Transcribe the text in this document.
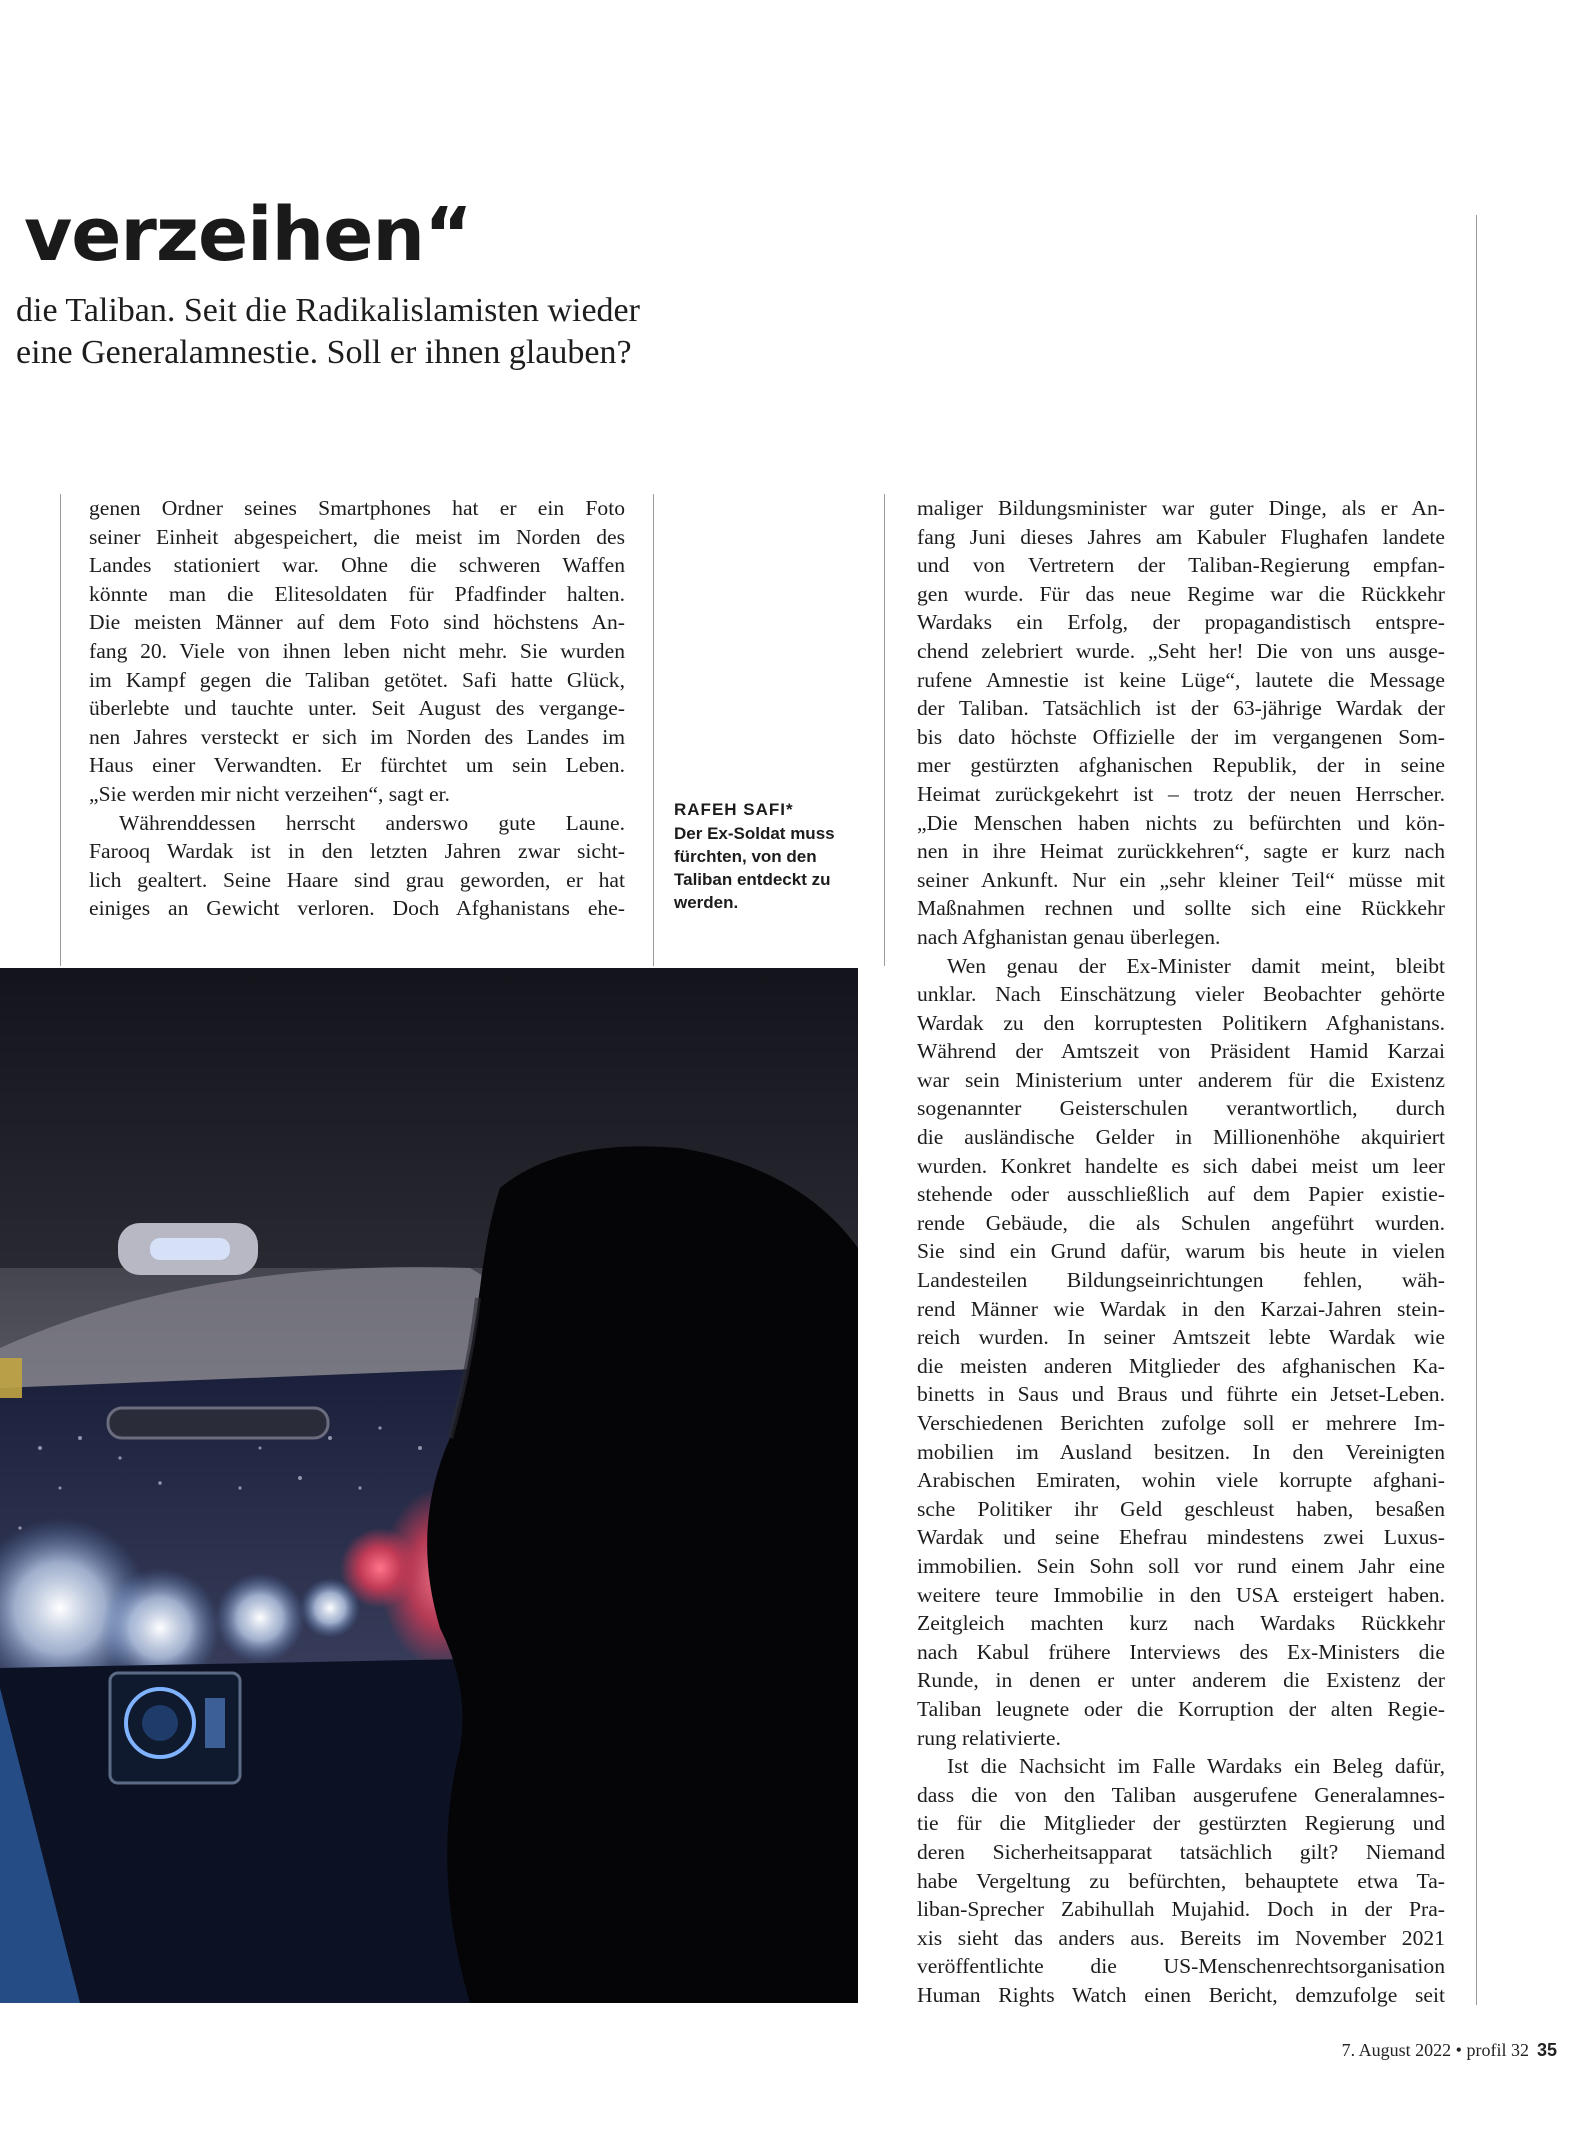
verzeihen“
die Taliban. Seit die Radikalislamisten wieder
eine Generalamnestie. Soll er ihnen glauben?
genen Ordner seines Smartphones hat er ein Foto
seiner Einheit abgespeichert, die meist im Norden des
Landes stationiert war. Ohne die schweren Waffen
könnte man die Elitesoldaten für Pfadfinder halten.
Die meisten Männer auf dem Foto sind höchstens An-
fang 20. Viele von ihnen leben nicht mehr. Sie wurden
im Kampf gegen die Taliban getötet. Safi hatte Glück,
überlebte und tauchte unter. Seit August des vergange-
nen Jahres versteckt er sich im Norden des Landes im
Haus einer Verwandten. Er fürchtet um sein Leben.
„Sie werden mir nicht verzeihen“, sagt er.
Währenddessen herrscht anderswo gute Laune.
Farooq Wardak ist in den letzten Jahren zwar sicht-
lich gealtert. Seine Haare sind grau geworden, er hat
einiges an Gewicht verloren. Doch Afghanistans ehe-
RAFEH SAFI*
Der Ex-Soldat muss fürchten, von den Taliban entdeckt zu werden.
maliger Bildungsminister war guter Dinge, als er An-
fang Juni dieses Jahres am Kabuler Flughafen landete
und von Vertretern der Taliban-Regierung empfan-
gen wurde. Für das neue Regime war die Rückkehr
Wardaks ein Erfolg, der propagandistisch entspre-
chend zelebriert wurde. „Seht her! Die von uns ausge-
rufene Amnestie ist keine Lüge“, lautete die Message
der Taliban. Tatsächlich ist der 63-jährige Wardak der
bis dato höchste Offizielle der im vergangenen Som-
mer gestürzten afghanischen Republik, der in seine
Heimat zurückgekehrt ist – trotz der neuen Herrscher.
„Die Menschen haben nichts zu befürchten und kön-
nen in ihre Heimat zurückkehren“, sagte er kurz nach
seiner Ankunft. Nur ein „sehr kleiner Teil“ müsse mit
Maßnahmen rechnen und sollte sich eine Rückkehr
nach Afghanistan genau überlegen.
Wen genau der Ex-Minister damit meint, bleibt
unklar. Nach Einschätzung vieler Beobachter gehörte
Wardak zu den korruptesten Politikern Afghanistans.
Während der Amtszeit von Präsident Hamid Karzai
war sein Ministerium unter anderem für die Existenz
sogenannter Geisterschulen verantwortlich, durch
die ausländische Gelder in Millionenhöhe akquiriert
wurden. Konkret handelte es sich dabei meist um leer
stehende oder ausschließlich auf dem Papier existie-
rende Gebäude, die als Schulen angeführt wurden.
Sie sind ein Grund dafür, warum bis heute in vielen
Landesteilen Bildungseinrichtungen fehlen, wäh-
rend Männer wie Wardak in den Karzai-Jahren stein-
reich wurden. In seiner Amtszeit lebte Wardak wie
die meisten anderen Mitglieder des afghanischen Ka-
binetts in Saus und Braus und führte ein Jetset-Leben.
Verschiedenen Berichten zufolge soll er mehrere Im-
mobilien im Ausland besitzen. In den Vereinigten
Arabischen Emiraten, wohin viele korrupte afghani-
sche Politiker ihr Geld geschleust haben, besaßen
Wardak und seine Ehefrau mindestens zwei Luxus-
immobilien. Sein Sohn soll vor rund einem Jahr eine
weitere teure Immobilie in den USA ersteigert haben.
Zeitgleich machten kurz nach Wardaks Rückkehr
nach Kabul frühere Interviews des Ex-Ministers die
Runde, in denen er unter anderem die Existenz der
Taliban leugnete oder die Korruption der alten Regie-
rung relativierte.
Ist die Nachsicht im Falle Wardaks ein Beleg dafür,
dass die von den Taliban ausgerufene Generalamnes-
tie für die Mitglieder der gestürzten Regierung und
deren Sicherheitsapparat tatsächlich gilt? Niemand
habe Vergeltung zu befürchten, behauptete etwa Ta-
liban-Sprecher Zabihullah Mujahid. Doch in der Pra-
xis sieht das anders aus. Bereits im November 2021
veröffentlichte die US-Menschenrechtsorganisation
Human Rights Watch einen Bericht, demzufolge seit
7. August 2022 • profil 32 35
